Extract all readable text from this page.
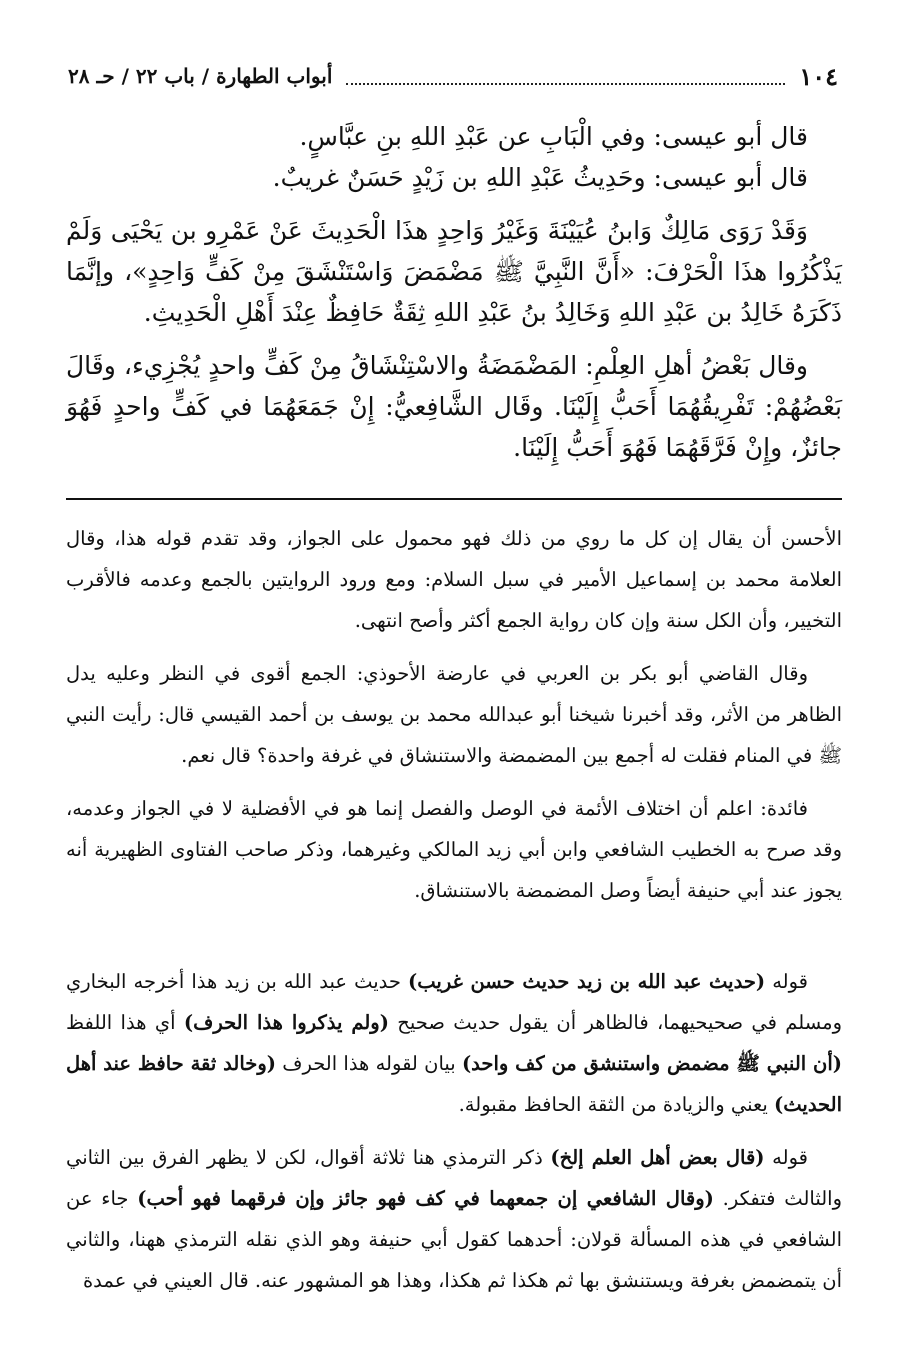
١٠٤
أبواب الطهارة / باب ٢٢ / حـ ٢٨

قال أبو عيسى: وفي الْبَابِ عن عَبْدِ اللهِ بنِ عبَّاسٍ.

قال أبو عيسى: وحَدِيثُ عَبْدِ اللهِ بن زَيْدٍ حَسَنٌ غريبٌ.

وَقَدْ رَوَى مَالِكٌ وَابنُ عُيَيْنَةَ وَغَيْرُ وَاحِدٍ هذَا الْحَدِيثَ عَنْ عَمْرِو بن يَحْيَى وَلَمْ يَذْكُرُوا هذَا الْحَرْفَ: «أَنَّ النَّبِيَّ ﷺ مَضْمَضَ وَاسْتَنْشَقَ مِنْ كَفٍّ وَاحِدٍ»، وإنَّمَا ذَكَرَهُ خَالِدُ بن عَبْدِ اللهِ وَخَالِدُ بنُ عَبْدِ اللهِ ثِقَةٌ حَافِظٌ عِنْدَ أَهْلِ الْحَدِيثِ.

وقال بَعْضُ أهلِ العِلْمِ: المَضْمَضَةُ والاسْتِنْشَاقُ مِنْ كَفٍّ واحدٍ يُجْزِيء، وقَالَ بَعْضُهُمْ: تَفْرِيقُهُمَا أَحَبُّ إِلَيْنَا. وقَال الشَّافِعيُّ: إِنْ جَمَعَهُمَا في كَفٍّ واحدٍ فَهُوَ جائزٌ، وإِنْ فَرَّقَهُمَا فَهُوَ أَحَبُّ إِلَيْنَا.

الأحسن أن يقال إن كل ما روي من ذلك فهو محمول على الجواز، وقد تقدم قوله هذا، وقال العلامة محمد بن إسماعيل الأمير في سبل السلام: ومع ورود الروايتين بالجمع وعدمه فالأقرب التخيير، وأن الكل سنة وإن كان رواية الجمع أكثر وأصح انتهى.

وقال القاضي أبو بكر بن العربي في عارضة الأحوذي: الجمع أقوى في النظر وعليه يدل الظاهر من الأثر، وقد أخبرنا شيخنا أبو عبدالله محمد بن يوسف بن أحمد القيسي قال: رأيت النبي ﷺ في المنام فقلت له أجمع بين المضمضة والاستنشاق في غرفة واحدة؟ قال نعم.

فائدة: اعلم أن اختلاف الأئمة في الوصل والفصل إنما هو في الأفضلية لا في الجواز وعدمه، وقد صرح به الخطيب الشافعي وابن أبي زيد المالكي وغيرهما، وذكر صاحب الفتاوى الظهيرية أنه يجوز عند أبي حنيفة أيضاً وصل المضمضة بالاستنشاق.

قوله (حديث عبد الله بن زيد حديث حسن غريب) حديث عبد الله بن زيد هذا أخرجه البخاري ومسلم في صحيحيهما، فالظاهر أن يقول حديث صحيح (ولم يذكروا هذا الحرف) أي هذا اللفظ (أن النبي ﷺ مضمض واستنشق من كف واحد) بيان لقوله هذا الحرف (وخالد ثقة حافظ عند أهل الحديث) يعني والزيادة من الثقة الحافظ مقبولة.

قوله (قال بعض أهل العلم إلخ) ذكر الترمذي هنا ثلاثة أقوال، لكن لا يظهر الفرق بين الثاني والثالث فتفكر. (وقال الشافعي إن جمعهما في كف فهو جائز وإن فرقهما فهو أحب) جاء عن الشافعي في هذه المسألة قولان: أحدهما كقول أبي حنيفة وهو الذي نقله الترمذي ههنا، والثاني أن يتمضمض بغرفة ويستنشق بها ثم هكذا ثم هكذا، وهذا هو المشهور عنه. قال العيني في عمدة
